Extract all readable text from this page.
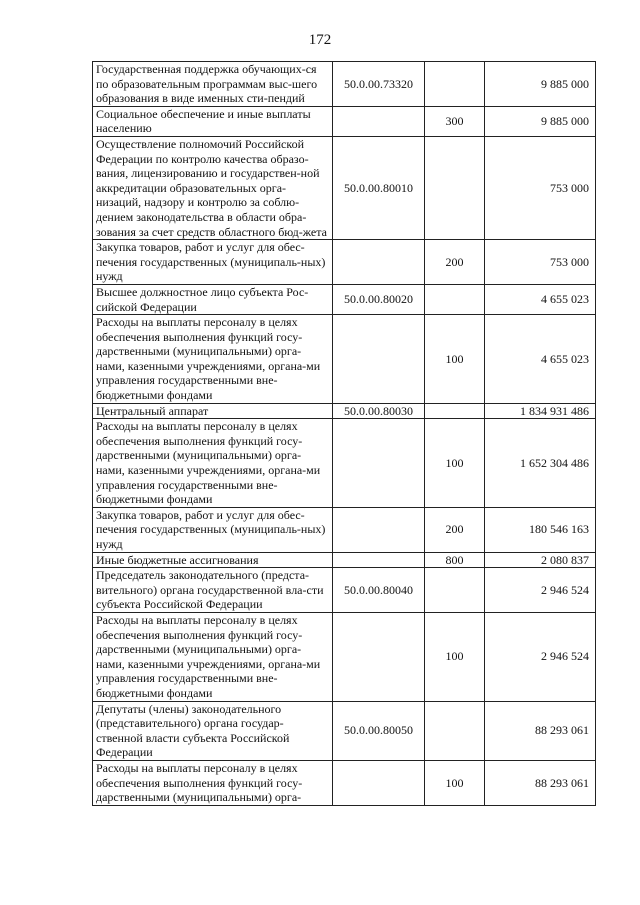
172
Государственная поддержка обучающих-ся по образовательным программам выс-шего образования в виде именных сти-пендий	50.0.00.73320		9 885 000
Социальное обеспечение и иные выплаты населению		300	9 885 000
Осуществление полномочий Российской Федерации по контролю качества образо-вания, лицензированию и государствен-ной аккредитации образовательных орга-низаций, надзору и контролю за соблю-дением законодательства в области обра-зования за счет средств областного бюд-жета	50.0.00.80010		753 000
Закупка товаров, работ и услуг для обес-печения государственных (муниципаль-ных) нужд		200	753 000
Высшее должностное лицо субъекта Рос-сийской Федерации	50.0.00.80020		4 655 023
Расходы на выплаты персоналу в целях обеспечения выполнения функций госу-дарственными (муниципальными) орга-нами, казенными учреждениями, органа-ми управления государственными вне-бюджетными фондами		100	4 655 023
Центральный аппарат	50.0.00.80030		1 834 931 486
Расходы на выплаты персоналу в целях обеспечения выполнения функций госу-дарственными (муниципальными) орга-нами, казенными учреждениями, органа-ми управления государственными вне-бюджетными фондами		100	1 652 304 486
Закупка товаров, работ и услуг для обес-печения государственных (муниципаль-ных) нужд		200	180 546 163
Иные бюджетные ассигнования		800	2 080 837
Председатель законодательного (предста-вительного) органа государственной вла-сти субъекта Российской Федерации	50.0.00.80040		2 946 524
Расходы на выплаты персоналу в целях обеспечения выполнения функций госу-дарственными (муниципальными) орга-нами, казенными учреждениями, органа-ми управления государственными вне-бюджетными фондами		100	2 946 524
Депутаты (члены) законодательного (представительного) органа государ-ственной власти субъекта Российской Федерации	50.0.00.80050		88 293 061
Расходы на выплаты персоналу в целях обеспечения выполнения функций госу-дарственными (муниципальными) орга-		100	88 293 061
